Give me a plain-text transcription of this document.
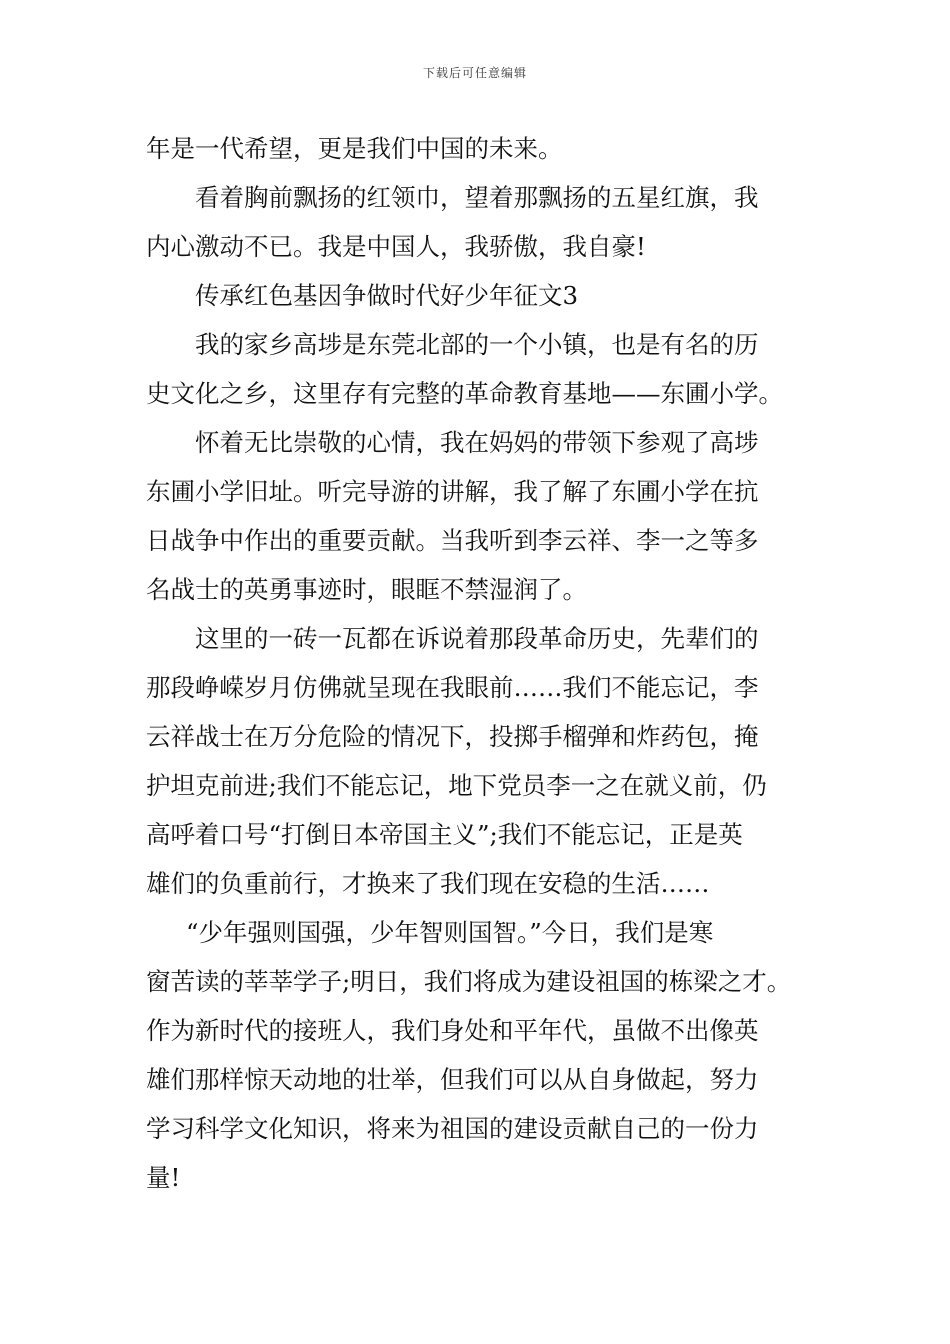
下载后可任意编辑
年是一代希望，更是我们中国的未来。
看着胸前飘扬的红领巾，望着那飘扬的五星红旗，我
内心激动不已。我是中国人，我骄傲，我自豪!
传承红色基因争做时代好少年征文3
我的家乡高埗是东莞北部的一个小镇，也是有名的历
史文化之乡，这里存有完整的革命教育基地——东圃小学。
怀着无比崇敬的心情，我在妈妈的带领下参观了高埗
东圃小学旧址。听完导游的讲解，我了解了东圃小学在抗
日战争中作出的重要贡献。当我听到李云祥、李一之等多
名战士的英勇事迹时，眼眶不禁湿润了。
这里的一砖一瓦都在诉说着那段革命历史，先辈们的
那段峥嵘岁月仿佛就呈现在我眼前……我们不能忘记，李
云祥战士在万分危险的情况下，投掷手榴弹和炸药包，掩
护坦克前进;我们不能忘记，地下党员李一之在就义前，仍
高呼着口号“打倒日本帝国主义”;我们不能忘记，正是英
雄们的负重前行，才换来了我们现在安稳的生活……
“少年强则国强，少年智则国智。”今日，我们是寒
窗苦读的莘莘学子;明日，我们将成为建设祖国的栋梁之才。
作为新时代的接班人，我们身处和平年代，虽做不出像英
雄们那样惊天动地的壮举，但我们可以从自身做起，努力
学习科学文化知识，将来为祖国的建设贡献自己的一份力
量!
